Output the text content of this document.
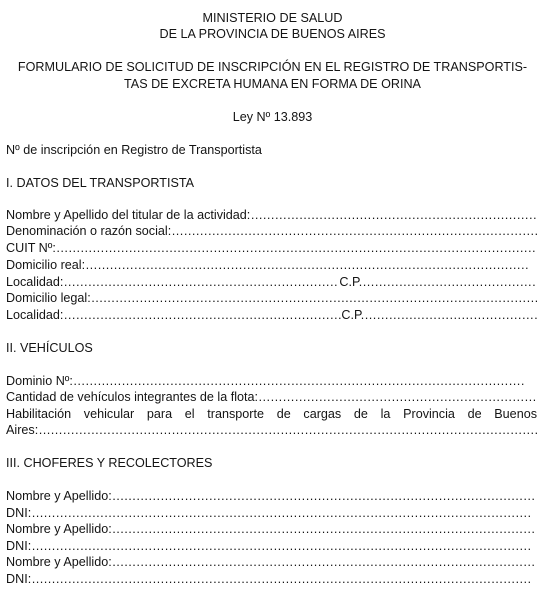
MINISTERIO DE SALUD
DE LA PROVINCIA DE BUENOS AIRES
FORMULARIO DE SOLICITUD DE INSCRIPCIÓN EN EL REGISTRO DE TRANSPORTIS-
TAS DE EXCRETA HUMANA EN FORMA DE ORINA
Ley Nº 13.893
Nº de inscripción en Registro de Transportista
I. DATOS DEL TRANSPORTISTA
Nombre y Apellido del titular de la actividad:
……………………………………………………………………………………………………………………………………………………………………………………………………
Denominación o razón social:
……………………………………………………………………………………………………………………………………………………………………………………………………
CUIT Nº:
……………………………………………………………………………………………………………………………………………………………………………………………………
Domicilio real:
……………………………………………………………………………………………………………………………………………………………………………………………………
Localidad: ……………………………………………………………………………………………………………………………………………………………………………………………………	C.P.
……………………………………………………………………………………………………………………………………………………………………………………………………
Domicilio legal:
……………………………………………………………………………………………………………………………………………………………………………………………………
Localidad: ……………………………………………………………………………………………………………………………………………………………………………………………………	C.P.
……………………………………………………………………………………………………………………………………………………………………………………………………
II. VEHÍCULOS
Dominio Nº:
……………………………………………………………………………………………………………………………………………………………………………………………………
Cantidad de vehículos integrantes de la flota:
……………………………………………………………………………………………………………………………………………………………………………………………………
Habilitación vehicular para el transporte de cargas de la Provincia de Buenos
Aires:
……………………………………………………………………………………………………………………………………………………………………………………………………
III. CHOFERES Y RECOLECTORES
Nombre y Apellido:
……………………………………………………………………………………………………………………………………………………………………………………………………
DNI:
……………………………………………………………………………………………………………………………………………………………………………………………………
Nombre y Apellido:
……………………………………………………………………………………………………………………………………………………………………………………………………
DNI:
……………………………………………………………………………………………………………………………………………………………………………………………………
Nombre y Apellido:
……………………………………………………………………………………………………………………………………………………………………………………………………
DNI:
……………………………………………………………………………………………………………………………………………………………………………………………………
